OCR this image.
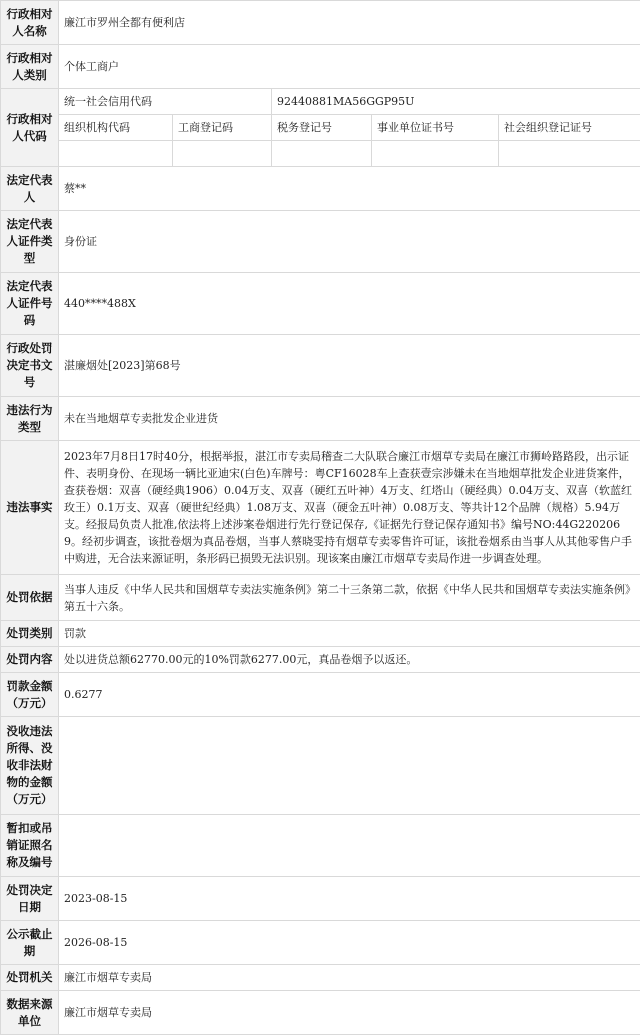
行政相对人名称	廉江市罗州全都有便利店				
行政相对人类别	个体工商户				
行政相对人代码	统一社会信用代码		92440881MA56GGP95U		
	组织机构代码	工商登记码	税务登记号	事业单位证书号	社会组织登记证号

法定代表人	蔡**				
法定代表人证件类型	身份证				
法定代表人证件号码	440****488X				
行政处罚决定书文号	湛廉烟处[2023]第68号				
违法行为类型	未在当地烟草专卖批发企业进货				
违法事实	2023年7月8日17时40分，根据举报，湛江市专卖局稽查二大队联合廉江市烟草专卖局在廉江市狮岭路路段，出示证件、表明身份、在现场一辆比亚迪宋(白色)车牌号：粤CF16028车上查获壹宗涉嫌未在当地烟草批发企业进货案件，查获卷烟：双喜（硬经典1906）0.04万支、双喜（硬红五叶神）4万支、红塔山（硬经典）0.04万支、双喜（软蓝红玫王）0.1万支、双喜（硬世纪经典）1.08万支、双喜（硬金五叶神）0.08万支、等共计12个品牌（规格）5.94万支。经报局负责人批准,依法将上述涉案卷烟进行先行登记保存,《证据先行登记保存通知书》编号NO:44G2202069。经初步调查，该批卷烟为真品卷烟，当事人蔡晓雯持有烟草专卖零售许可证，该批卷烟系由当事人从其他零售户手中购进，无合法来源证明，条形码已损毁无法识别。现该案由廉江市烟草专卖局作进一步调查处理。				
处罚依据	当事人违反《中华人民共和国烟草专卖法实施条例》第二十三条第二款，依据《中华人民共和国烟草专卖法实施条例》第五十六条。				
处罚类别	罚款				
处罚内容	处以进货总额62770.00元的10%罚款6277.00元，真品卷烟予以返还。				
罚款金额（万元）	0.6277				
没收违法所得、没收非法财物的金额（万元）					
暂扣或吊销证照名称及编号					
处罚决定日期	2023-08-15				
公示截止期	2026-08-15				
处罚机关	廉江市烟草专卖局				
数据来源单位	廉江市烟草专卖局				
